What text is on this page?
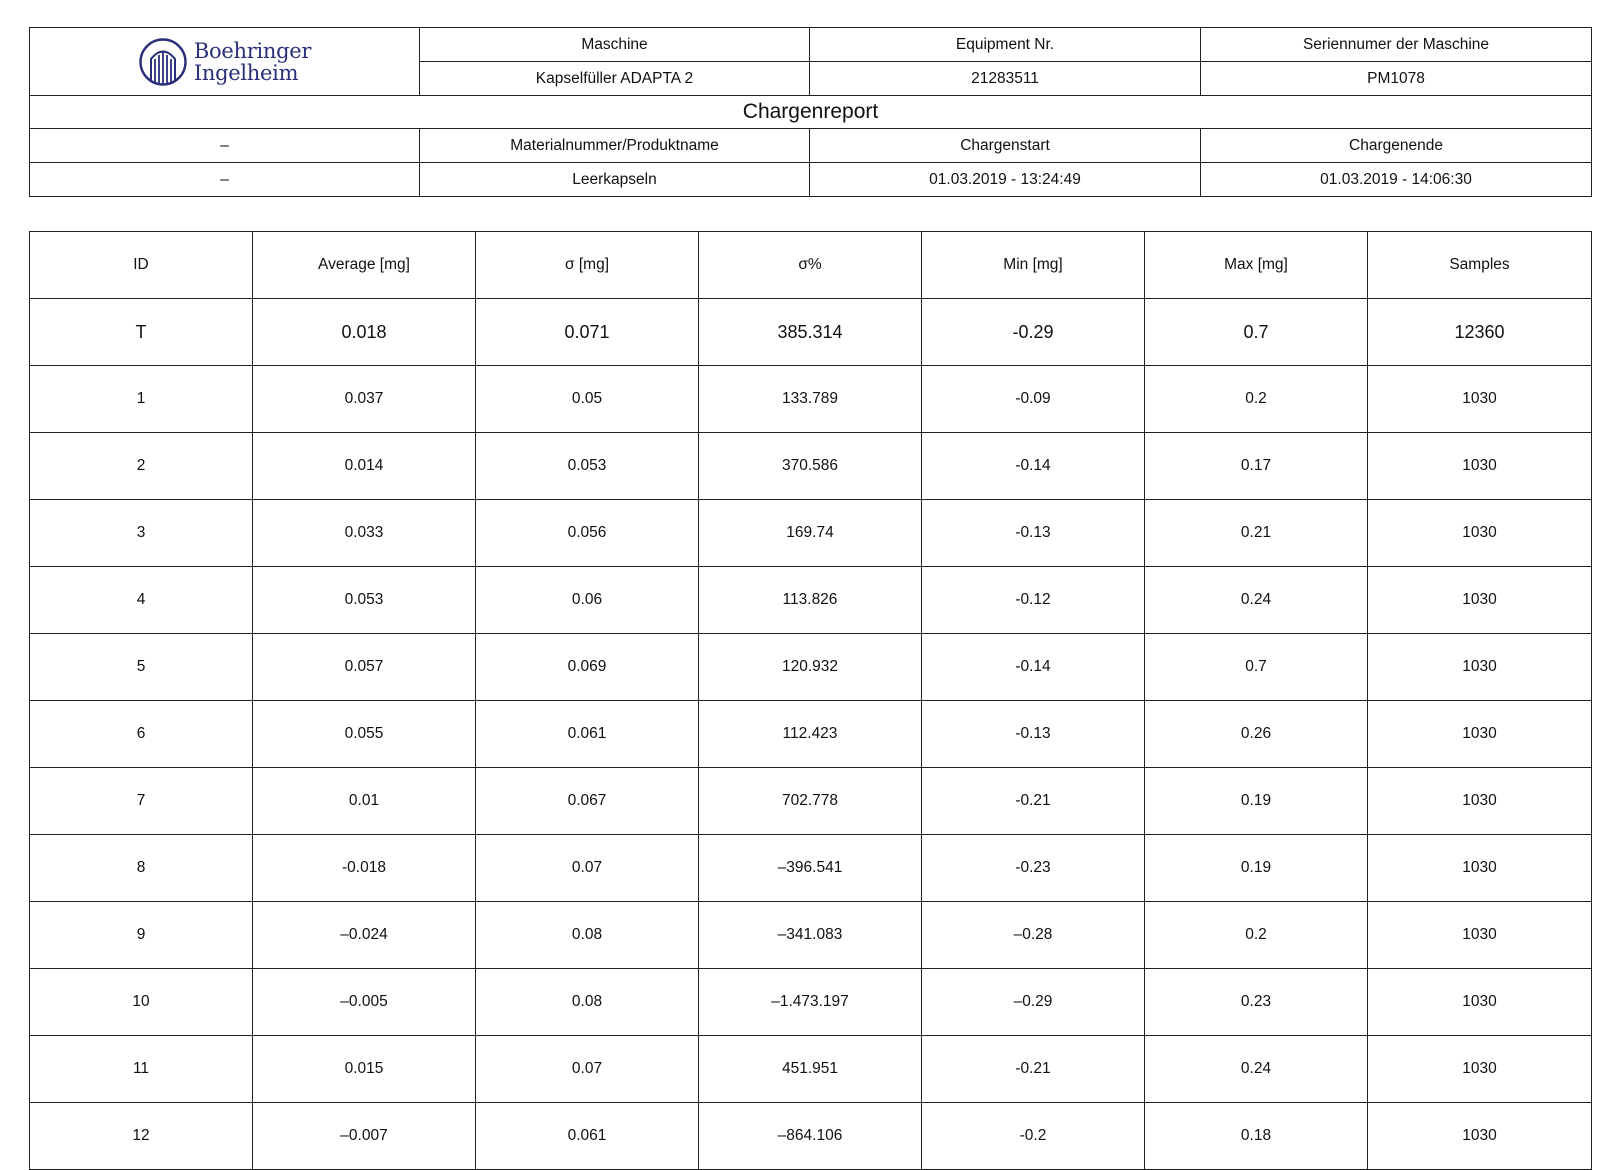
Boehringer
Ingelheim	Maschine	Equipment Nr.	Seriennumer der Maschine
	Kapselfüller ADAPTA 2	21283511	PM1078
Chargenreport			
–	Materialnummer/Produktname	Chargenstart	Chargenende
–	Leerkapseln	01.03.2019 - 13:24:49	01.03.2019 - 14:06:30
ID	Average [mg]	σ [mg]	σ%	Min [mg]	Max [mg]	Samples
T	0.018	0.071	385.314	-0.29	0.7	12360
1	0.037	0.05	133.789	-0.09	0.2	1030
2	0.014	0.053	370.586	-0.14	0.17	1030
3	0.033	0.056	169.74	-0.13	0.21	1030
4	0.053	0.06	113.826	-0.12	0.24	1030
5	0.057	0.069	120.932	-0.14	0.7	1030
6	0.055	0.061	112.423	-0.13	0.26	1030
7	0.01	0.067	702.778	-0.21	0.19	1030
8	-0.018	0.07	–396.541	-0.23	0.19	1030
9	–0.024	0.08	–341.083	–0.28	0.2	1030
10	–0.005	0.08	–1.473.197	–0.29	0.23	1030
11	0.015	0.07	451.951	-0.21	0.24	1030
12	–0.007	0.061	–864.106	-0.2	0.18	1030
